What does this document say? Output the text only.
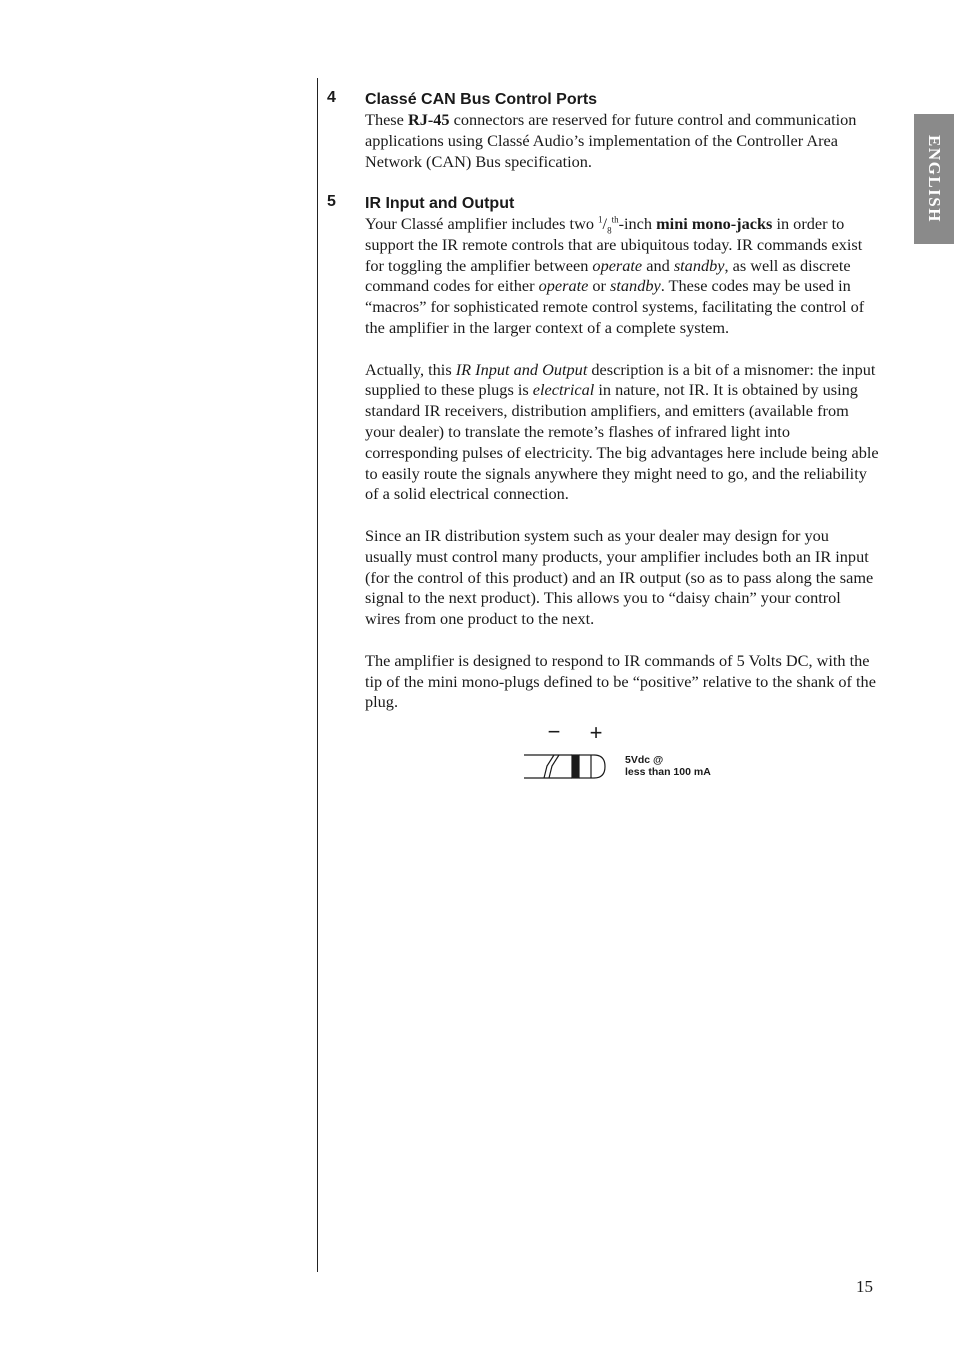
ENGLISH
4 Classé CAN Bus Control Ports

These RJ-45 connectors are reserved for future control and communication applications using Classé Audio’s implementation of the Controller Area Network (CAN) Bus specification.

5 IR Input and Output

Your Classé amplifier includes two $^1/_8^{th}$-inch mini mono-jacks in order to support the IR remote controls that are ubiquitous today. IR commands exist for toggling the amplifier between operate and standby, as well as discrete command codes for either operate or standby. These codes may be used in “macros” for sophisticated remote control systems, facilitating the control of the amplifier in the larger context of a complete system.

Actually, this IR Input and Output description is a bit of a misnomer: the input supplied to these plugs is electrical in nature, not IR. It is obtained by using standard IR receivers, distribution amplifiers, and emitters (available from your dealer) to translate the remote’s flashes of infrared light into corresponding pulses of electricity. The big advantages here include being able to easily route the signals anywhere they might need to go, and the reliability of a solid electrical connection.

Since an IR distribution system such as your dealer may design for you usually must control many products, your amplifier includes both an IR input (for the control of this product) and an IR output (so as to pass along the same signal to the next product). This allows you to “daisy chain” your control wires from one product to the next.

The amplifier is designed to respond to IR commands of 5 Volts DC, with the tip of the mini mono-plugs defined to be “positive” relative to the shank of the plug.

− +
5Vdc @
less than 100 mA
15
